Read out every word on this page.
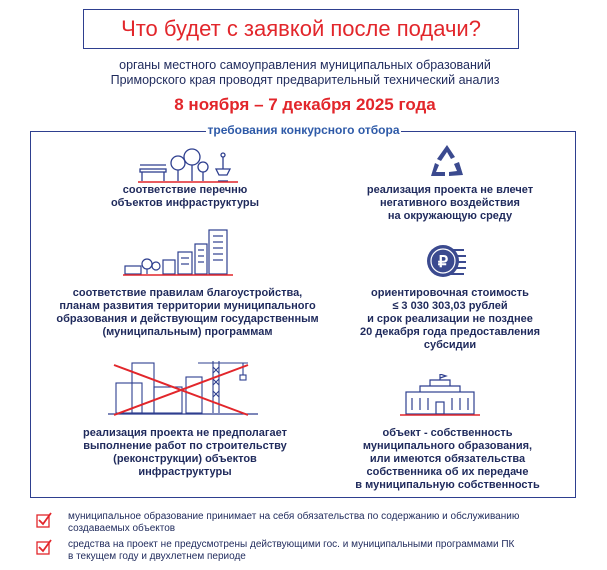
Что будет с заявкой после подачи?
органы местного самоуправления муниципальных образований
Приморского края проводят предварительный технический анализ
8 ноября – 7 декабря 2025 года
требования конкурсного отбора
соответствие перечню
объектов инфраструктуры
реализация проекта не влечет
негативного воздействия
на окружающую среду
соответствие правилам благоустройства,
планам развития территории муниципального
образования и действующим государственным
(муниципальным) программам
₽
ориентировочная стоимость
≤ 3 030 303,03 рублей
и срок реализации не позднее
20 декабря года предоставления
субсидии
реализация проекта не предполагает
выполнение работ по строительству
(реконструкции) объектов
инфраструктуры
объект - собственность
муниципального образования,
или имеются обязательства
собственника об их передаче
в муниципальную собственность
муниципальное образование принимает на себя обязательства по содержанию и обслуживанию
создаваемых объектов
средства на проект не предусмотрены действующими гос. и муниципальными программами ПК
в текущем году и двухлетнем периоде
